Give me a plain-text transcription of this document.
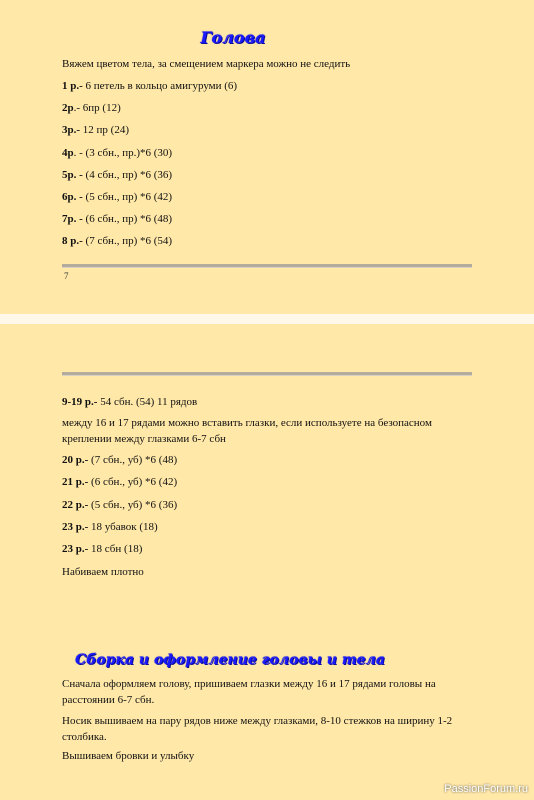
Голова
Вяжем цветом тела, за смещением маркера можно не следить
1 р.- 6 петель в кольцо амигуруми (6)
2р.- 6пр (12)
3р.- 12 пр (24)
4р. - (3 сбн., пр.)*6 (30)
5р. - (4 сбн., пр) *6 (36)
6р. - (5 сбн., пр) *6 (42)
7р. - (6 сбн., пр) *6 (48)
8 р.- (7 сбн., пр) *6 (54)
7
9-19 р.- 54 сбн. (54) 11 рядов
между 16 и 17 рядами можно вставить глазки, если используете на безопасном креплении между глазками 6-7 сбн
20 р.- (7 сбн., уб) *6 (48)
21 р.- (6 сбн., уб) *6 (42)
22 р.- (5 сбн., уб) *6 (36)
23 р.- 18 убавок (18)
23 р.- 18 сбн (18)
Набиваем плотно
Сборка и оформление головы и тела
Сначала оформляем голову, пришиваем глазки между 16 и 17 рядами головы на расстоянии 6-7 сбн.
Носик вышиваем на пару рядов ниже между глазками, 8-10 стежков на ширину 1-2 столбика.
Вышиваем бровки и улыбку
PassionForum.ru
